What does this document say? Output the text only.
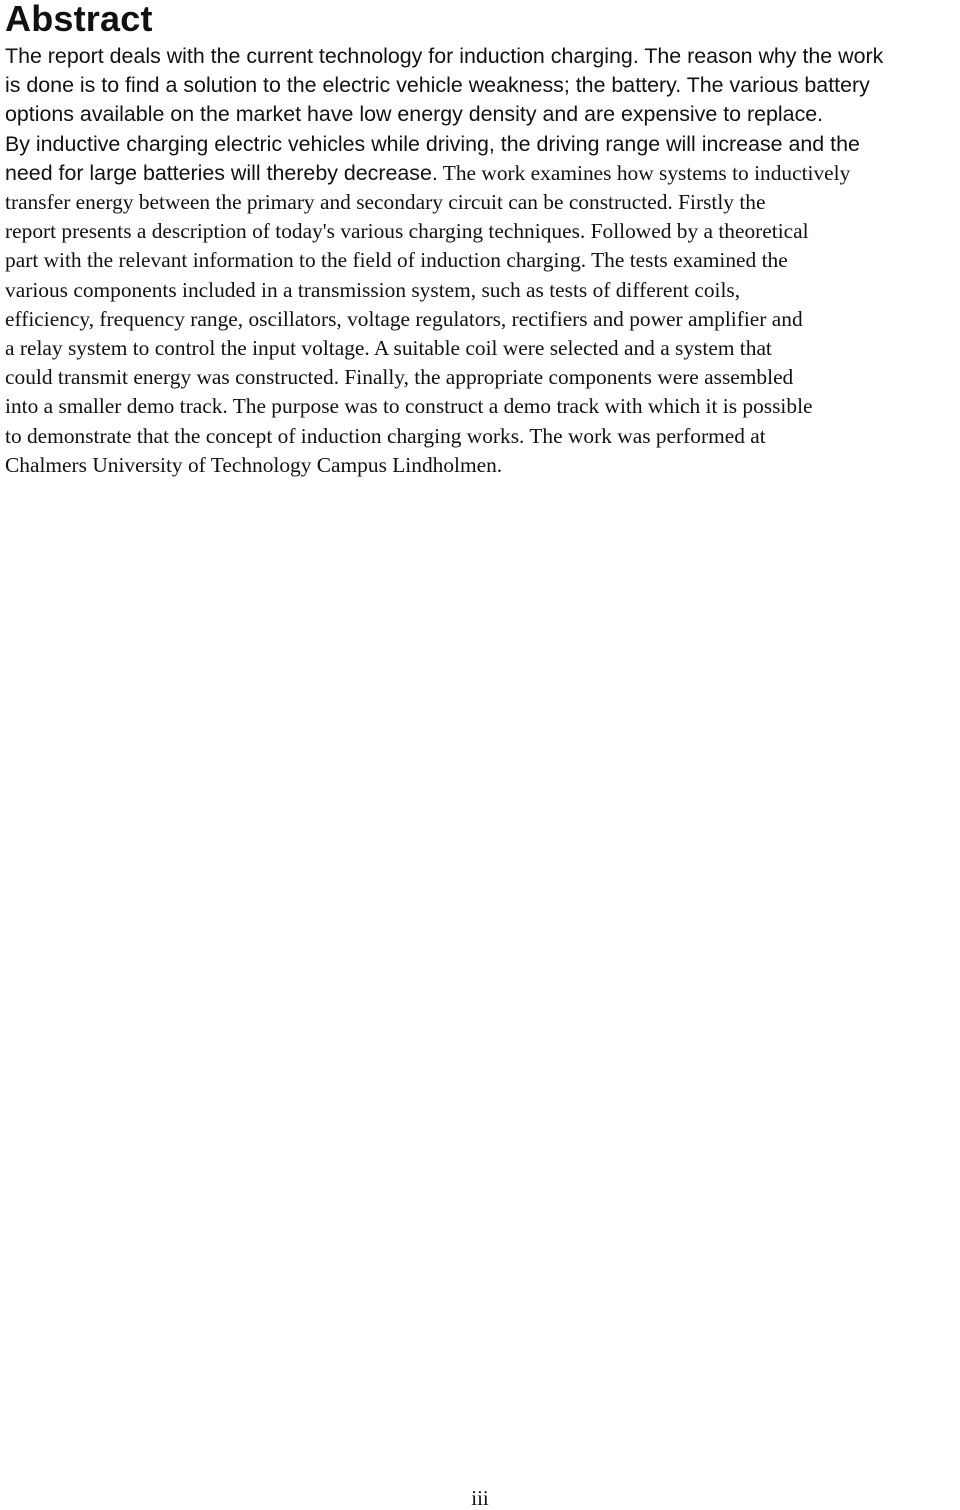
Abstract
The report deals with the current technology for induction charging. The reason why the work
is done is to find a solution to the electric vehicle weakness; the battery. The various battery
options available on the market have low energy density and are expensive to replace.
By inductive charging electric vehicles while driving, the driving range will increase and the
need for large batteries will thereby decrease. The work examines how systems to inductively
transfer energy between the primary and secondary circuit can be constructed. Firstly the
report presents a description of today's various charging techniques. Followed by a theoretical
part with the relevant information to the field of induction charging. The tests examined the
various components included in a transmission system, such as tests of different coils,
efficiency, frequency range, oscillators, voltage regulators, rectifiers and power amplifier and
a relay system to control the input voltage. A suitable coil were selected and a system that
could transmit energy was constructed. Finally, the appropriate components were assembled
into a smaller demo track. The purpose was to construct a demo track with which it is possible
to demonstrate that the concept of induction charging works. The work was performed at
Chalmers University of Technology Campus Lindholmen.
iii
